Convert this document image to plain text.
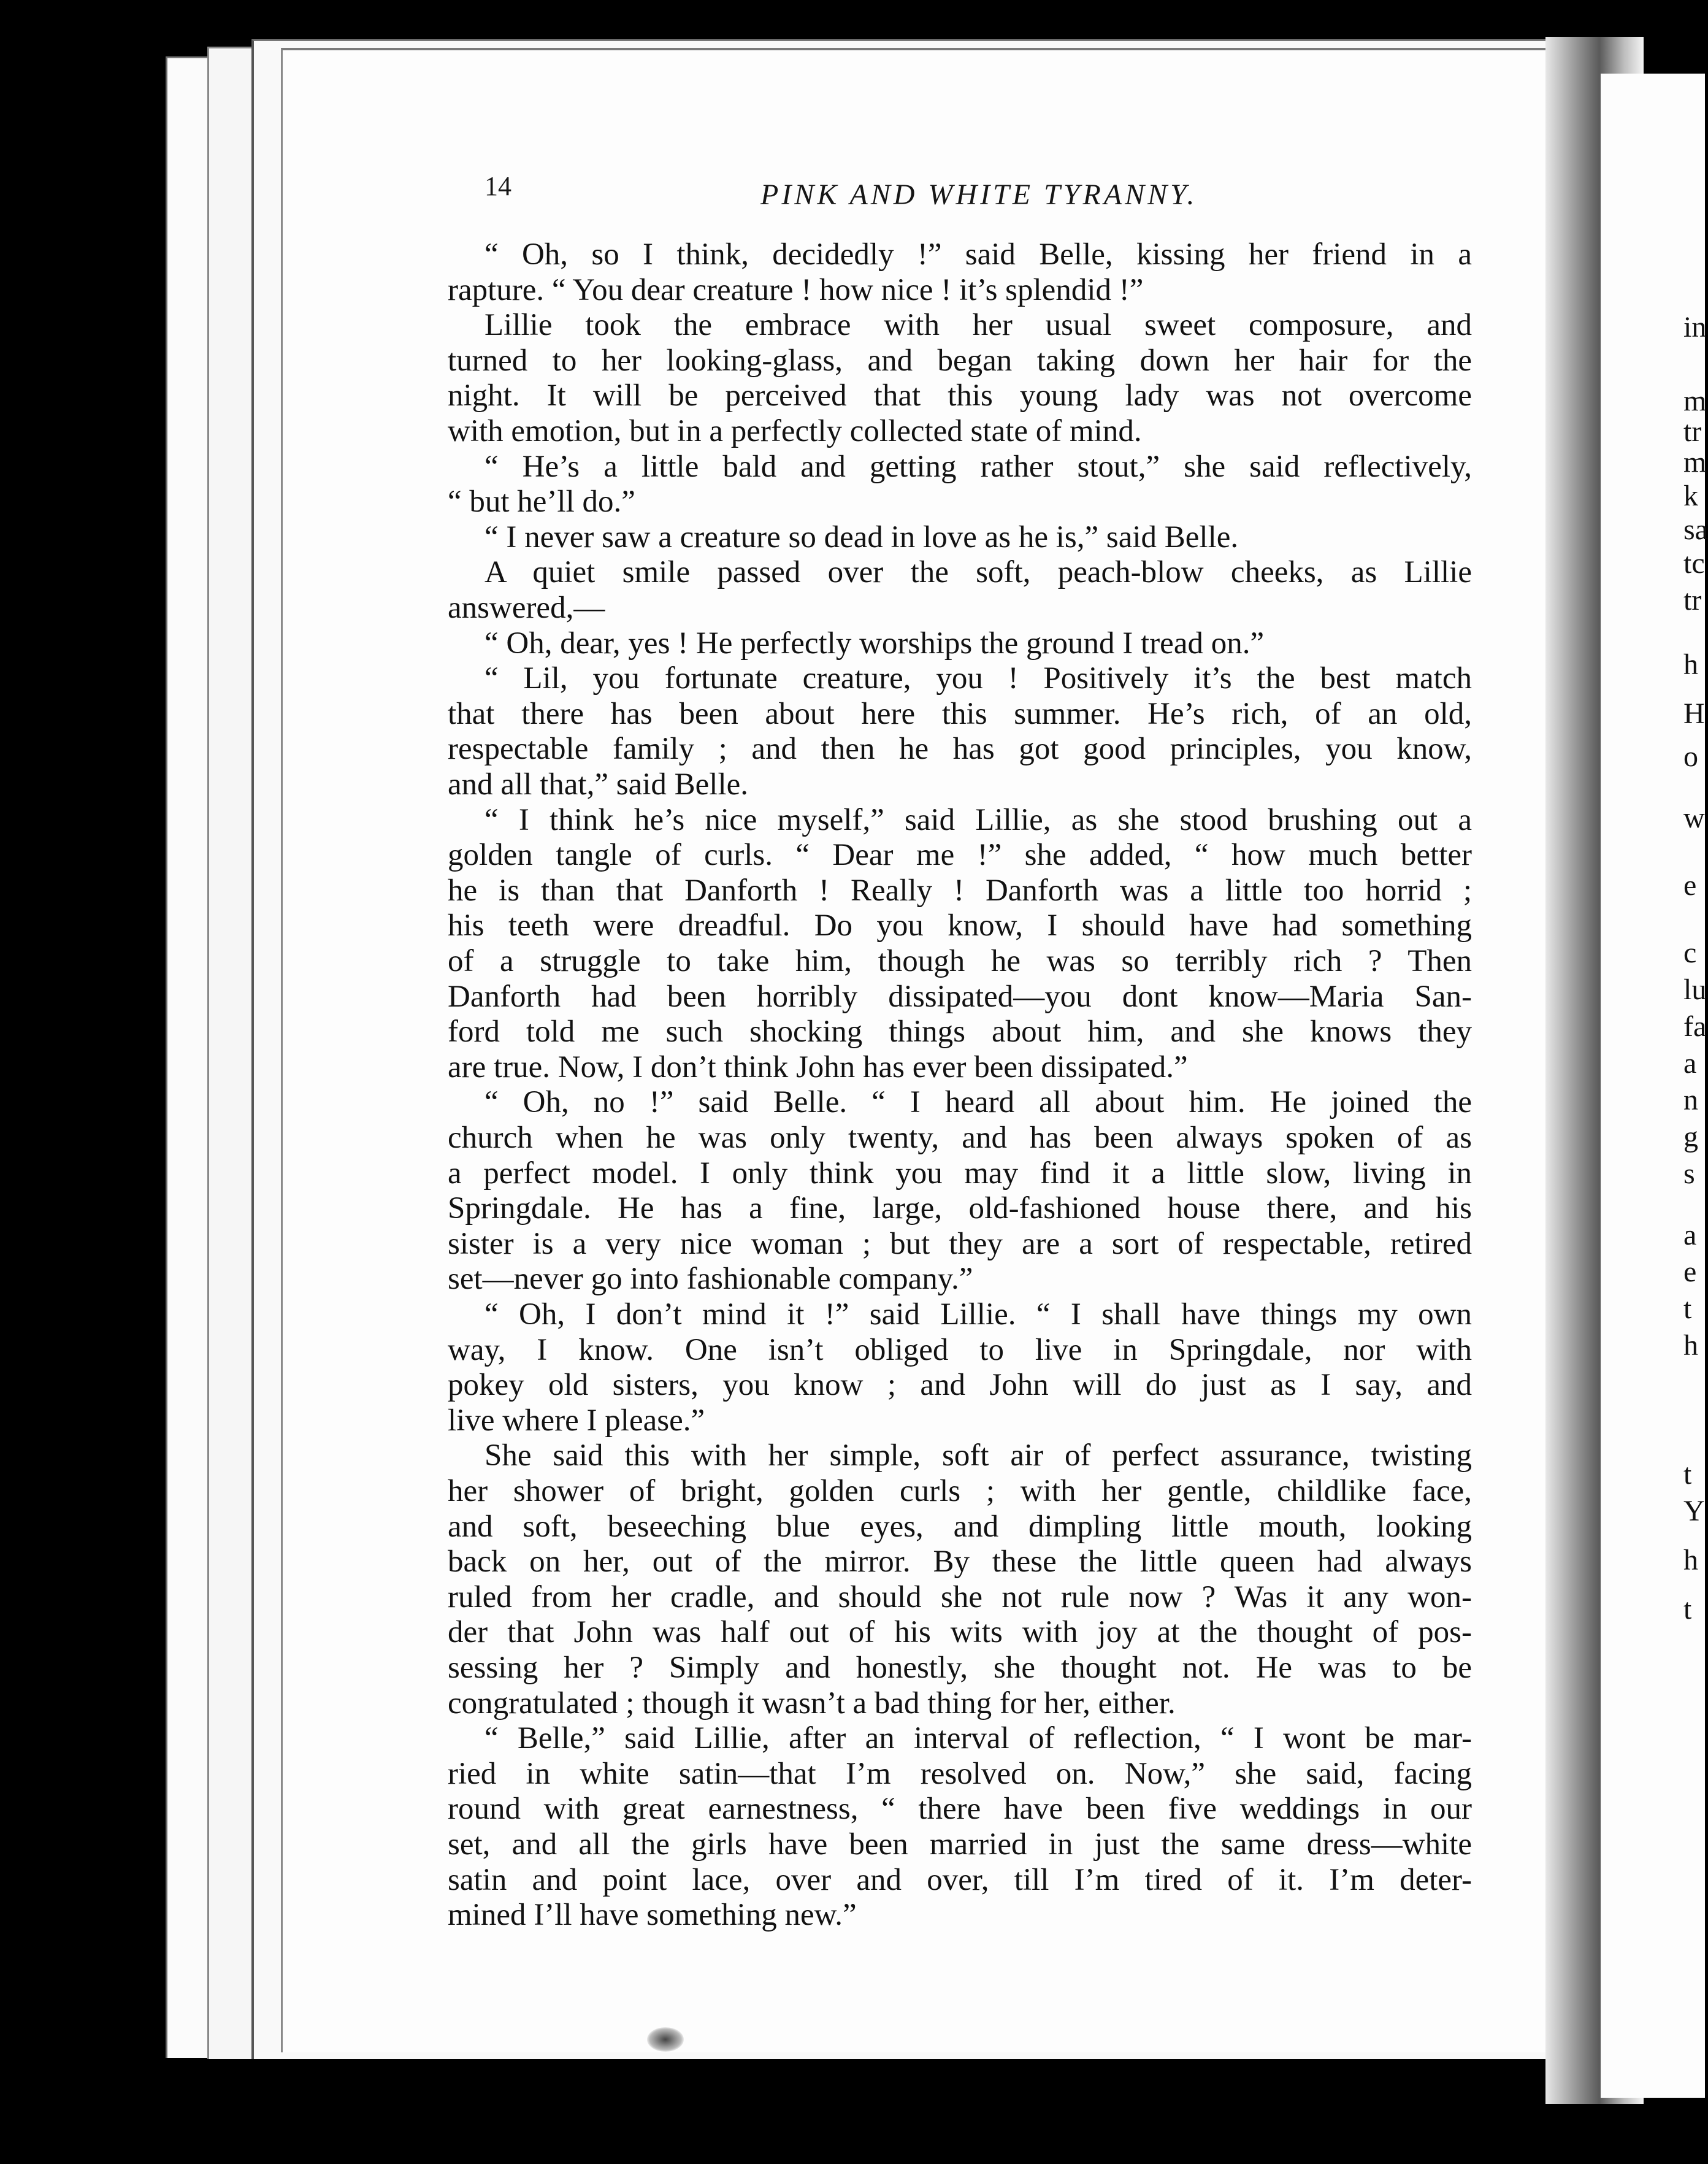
14	PINK AND WHITE TYRANNY.
“ Oh, so I think, decidedly !” said Belle, kissing her friend in a
rapture. “ You dear creature ! how nice ! it’s splendid !”
Lillie took the embrace with her usual sweet composure, and
turned to her looking-glass, and began taking down her hair for the
night. It will be perceived that this young lady was not overcome
with emotion, but in a perfectly collected state of mind.
“ He’s a little bald and getting rather stout,” she said reflectively,
“ but he’ll do.”
“ I never saw a creature so dead in love as he is,” said Belle.
A quiet smile passed over the soft, peach-blow cheeks, as Lillie
answered,—
“ Oh, dear, yes ! He perfectly worships the ground I tread on.”
“ Lil, you fortunate creature, you ! Positively it’s the best match
that there has been about here this summer. He’s rich, of an old,
respectable family ; and then he has got good principles, you know,
and all that,” said Belle.
“ I think he’s nice myself,” said Lillie, as she stood brushing out a
golden tangle of curls. “ Dear me !” she added, “ how much better
he is than that Danforth ! Really ! Danforth was a little too horrid ;
his teeth were dreadful. Do you know, I should have had something
of a struggle to take him, though he was so terribly rich ? Then
Danforth had been horribly dissipated—you dont know—Maria San-
ford told me such shocking things about him, and she knows they
are true. Now, I don’t think John has ever been dissipated.”
“ Oh, no !” said Belle. “ I heard all about him. He joined the
church when he was only twenty, and has been always spoken of as
a perfect model. I only think you may find it a little slow, living in
Springdale. He has a fine, large, old-fashioned house there, and his
sister is a very nice woman ; but they are a sort of respectable, retired
set—never go into fashionable company.”
“ Oh, I don’t mind it !” said Lillie. “ I shall have things my own
way, I know. One isn’t obliged to live in Springdale, nor with
pokey old sisters, you know ; and John will do just as I say, and
live where I please.”
She said this with her simple, soft air of perfect assurance, twisting
her shower of bright, golden curls ; with her gentle, childlike face,
and soft, beseeching blue eyes, and dimpling little mouth, looking
back on her, out of the mirror. By these the little queen had always
ruled from her cradle, and should she not rule now ? Was it any won-
der that John was half out of his wits with joy at the thought of pos-
sessing her ? Simply and honestly, she thought not. He was to be
congratulated ; though it wasn’t a bad thing for her, either.
“ Belle,” said Lillie, after an interval of reflection, “ I wont be mar-
ried in white satin—that I’m resolved on. Now,” she said, facing
round with great earnestness, “ there have been five weddings in our
set, and all the girls have been married in just the same dress—white
satin and point lace, over and over, till I’m tired of it. I’m deter-
mined I’ll have something new.”
in
m
tr
m
k
sa
tc
tr
h
H
o
w
e
c
lu
fa
a
n
g
s
a
e
t
h
t
Y
h
t
